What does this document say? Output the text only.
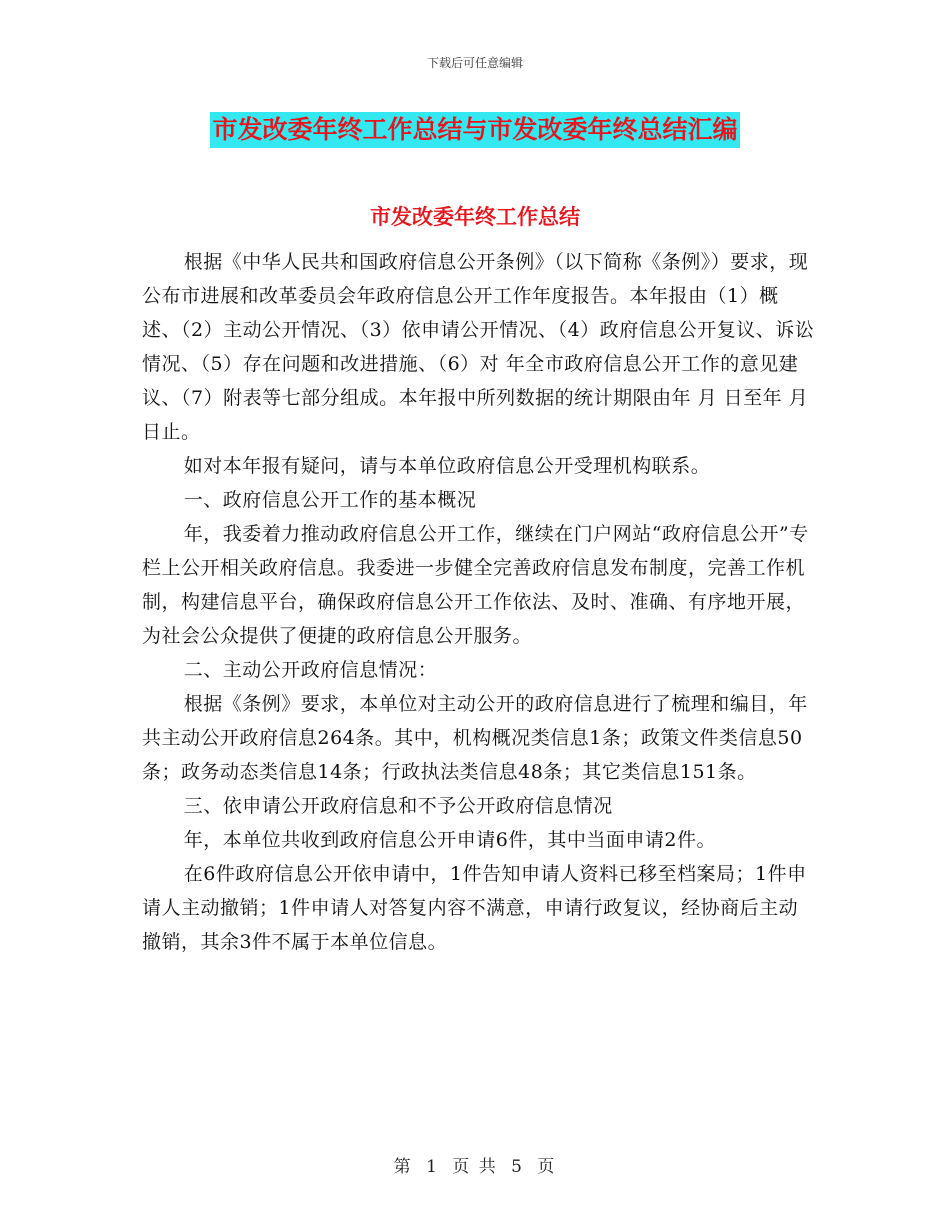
下载后可任意编辑
市发改委年终工作总结与市发改委年终总结汇编
市发改委年终工作总结

根据《中华人民共和国政府信息公开条例》（以下简称《条例》）要求，现公布市进展和改革委员会年政府信息公开工作年度报告。本年报由（1）概述、（2）主动公开情况、（3）依申请公开情况、（4）政府信息公开复议、诉讼情况、（5）存在问题和改进措施、（6）对 年全市政府信息公开工作的意见建议、（7）附表等七部分组成。本年报中所列数据的统计期限由年 月 日至年 月 日止。

如对本年报有疑问，请与本单位政府信息公开受理机构联系。

一、政府信息公开工作的基本概况

年，我委着力推动政府信息公开工作，继续在门户网站“政府信息公开”专栏上公开相关政府信息。我委进一步健全完善政府信息发布制度，完善工作机制，构建信息平台，确保政府信息公开工作依法、及时、准确、有序地开展，为社会公众提供了便捷的政府信息公开服务。

二、主动公开政府信息情况：

根据《条例》要求，本单位对主动公开的政府信息进行了梳理和编目，年共主动公开政府信息264条。其中，机构概况类信息1条；政策文件类信息50条；政务动态类信息14条；行政执法类信息48条；其它类信息151条。

三、依申请公开政府信息和不予公开政府信息情况

年，本单位共收到政府信息公开申请6件，其中当面申请2件。

在6件政府信息公开依申请中，1件告知申请人资料已移至档案局；1件申请人主动撤销；1件申请人对答复内容不满意，申请行政复议，经协商后主动撤销，其余3件不属于本单位信息。

第 1 页 共 5 页
